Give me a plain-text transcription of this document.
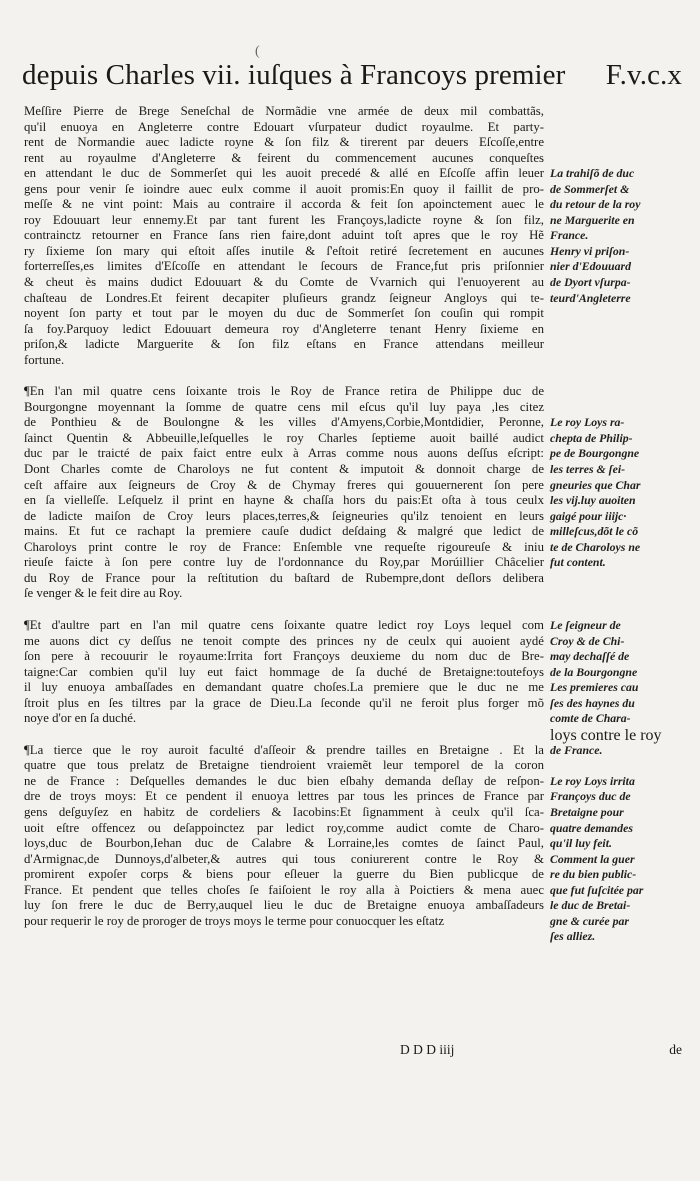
(
depuis Charles vii. iuſques à Francoys premier F.v.c.x
Meſſire Pierre de Brege Seneſchal de Normãdie vne armée de deux mil combattãs,
qu'il enuoya en Angleterre contre Edouart vſurpateur dudict royaulme. Et party-
rent de Normandie auec ladicte royne & ſon filz & tirerent par deuers Eſcoſſe,entre
rent au royaulme d'Angleterre & feirent du commencement aucunes conqueſtes
en attendant le duc de Sommerſet qui les auoit precedé & allé en Eſcoſſe affin leuer
gens pour venir ſe ioindre auec eulx comme il auoit promis:En quoy il faillit de pro-
meſſe & ne vint point: Mais au contraire il accorda & feit ſon apoinctement auec le
roy Edouuart leur ennemy.Et par tant furent les Françoys,ladicte royne & ſon filz,
contrainctz retourner en France ſans rien faire,dont aduint toſt apres que le roy Hẽ
ry ſixieme ſon mary qui eſtoit aſſes inutile & ſ'eſtoit retiré ſecretement en aucunes
forterreſſes,es limites d'Eſcoſſe en attendant le ſecours de France,fut pris priſonnier
& cheut ès mains dudict Edouuart & du Comte de Vvarnich qui l'enuoyerent au
chaſteau de Londres.Et feirent decapiter pluſieurs grandz ſeigneur Angloys qui te-
noyent ſon party et tout par le moyen du duc de Sommerſet ſon couſin qui rompit
ſa foy.Parquoy ledict Edouuart demeura roy d'Angleterre tenant Henry ſixieme en
priſon,& ladicte Marguerite & ſon filz eſtans en France attendans meilleur
fortune.
¶En l'an mil quatre cens ſoixante trois le Roy de France retira de Philippe duc de
Bourgongne moyennant la ſomme de quatre cens mil eſcus qu'il luy paya ,les citez
de Ponthieu & de Boulongne & les villes d'Amyens,Corbie,Montdidier, Peronne,
ſainct Quentin & Abbeuille,leſquelles le roy Charles ſeptieme auoit baillé audict
duc par le traicté de paix faict entre eulx à Arras comme nous auons deſſus eſcript:
Dont Charles comte de Charoloys ne fut content & imputoit & donnoit charge de
ceſt affaire aux ſeigneurs de Croy & de Chymay freres qui gouuernerent ſon pere
en ſa vielleſſe. Leſquelz il print en hayne & chaſſa hors du pais:Et oſta à tous ceulx
de ladicte maiſon de Croy leurs places,terres,& ſeigneuries qu'ilz tenoient en leurs
mains. Et fut ce rachapt la premiere cauſe dudict deſdaing & malgré que ledict de
Charoloys print contre le roy de France: Enſemble vne requeſte rigoureuſe & iniu
rieuſe faicte à ſon pere contre luy de l'ordonnance du Roy,par Morúillier Châcelier
du Roy de France pour la reſtitution du baſtard de Rubempre,dont deſlors delibera
ſe venger & le feit dire au Roy.
¶Et d'aultre part en l'an mil quatre cens ſoixante quatre ledict roy Loys lequel com
me auons dict cy deſſus ne tenoit compte des princes ny de ceulx qui auoient aydé
ſon pere à recouurir le royaume:Irrita fort Françoys deuxieme du nom duc de Bre-
taigne:Car combien qu'il luy eut faict hommage de ſa duché de Bretaigne:toutefoys
il luy enuoya ambaſſades en demandant quatre choſes.La premiere que le duc ne me
ſtroit plus en ſes tiltres par la grace de Dieu.La ſeconde qu'il ne feroit plus forger mõ
noye d'or en ſa duché.
¶La tierce que le roy auroit faculté d'aſſeoir & prendre tailles en Bretaigne . Et la
quatre que tous prelatz de Bretaigne tiendroient vraiemẽt leur temporel de la coron
ne de France : Deſquelles demandes le duc bien eſbahy demanda deſlay de reſpon-
dre de troys moys: Et ce pendent il enuoya lettres par tous les princes de France par
gens deſguyſez en habitz de cordeliers & Iacobins:Et ſignamment à ceulx qu'il ſca-
uoit eſtre offencez ou deſappoinctez par ledict roy,comme audict comte de Charo-
loys,duc de Bourbon,Iehan duc de Calabre & Lorraine,les comtes de ſainct Paul,
d'Armignac,de Dunnoys,d'albeter,& autres qui tous coniurerent contre le Roy &
promirent expoſer corps & biens pour eſleuer la guerre du Bien publicque de
France. Et pendent que telles choſes ſe faiſoient le roy alla à Poictiers & mena auec
luy ſon frere le duc de Berry,auquel lieu le duc de Bretaigne enuoya ambaſſadeurs
pour requerir le roy de proroger de troys moys le terme pour conuocquer les eſtatz
La trahiſõ de duc
de Sommerſet &
du retour de la roy
ne Marguerite en
France.
Henry vi priſon-
nier d'Edouuard
de Dyort vſurpa-
teurd'Angleterre
Le roy Loys ra-
chepta de Philip-
pe de Bourgongne
les terres & ſei-
gneuries que Char
les vij.luy auoiten
gaigé pour iiijc·
milleſcus,dõt le cõ
te de Charoloys ne
fut content.
Le ſeigneur de
Croy & de Chi-
may dechaſſé de
de la Bourgongne
Les premieres cau
ſes des haynes du
comte de Chara-
loys contre le roy
de France.
Le roy Loys irrita
Françoys duc de
Bretaigne pour
quatre demandes
qu'il luy feit.
Comment la guer
re du bien public-
que fut ſuſcitée par
le duc de Bretai-
gne & curée par
ſes alliez.
D D D iiij	de
